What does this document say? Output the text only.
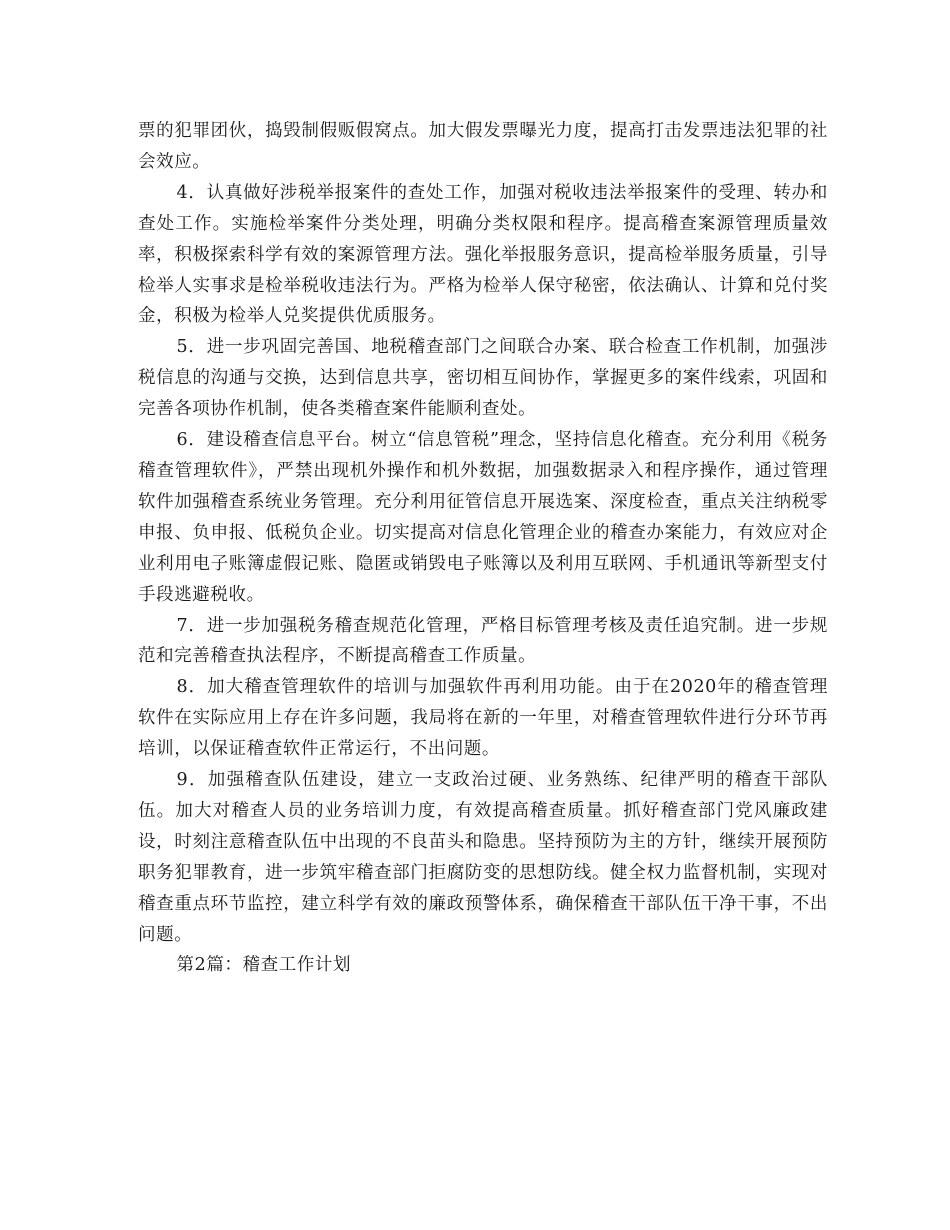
票的犯罪团伙，捣毁制假贩假窝点。加大假发票曝光力度，提高打击发票违法犯罪的社会效应。

4．认真做好涉税举报案件的查处工作，加强对税收违法举报案件的受理、转办和查处工作。实施检举案件分类处理，明确分类权限和程序。提高稽查案源管理质量效率，积极探索科学有效的案源管理方法。强化举报服务意识，提高检举服务质量，引导检举人实事求是检举税收违法行为。严格为检举人保守秘密，依法确认、计算和兑付奖金，积极为检举人兑奖提供优质服务。

5．进一步巩固完善国、地税稽查部门之间联合办案、联合检查工作机制，加强涉税信息的沟通与交换，达到信息共享，密切相互间协作，掌握更多的案件线索，巩固和完善各项协作机制，使各类稽查案件能顺利查处。

6．建设稽查信息平台。树立“信息管税”理念，坚持信息化稽查。充分利用《税务稽查管理软件》，严禁出现机外操作和机外数据，加强数据录入和程序操作，通过管理软件加强稽查系统业务管理。充分利用征管信息开展选案、深度检查，重点关注纳税零申报、负申报、低税负企业。切实提高对信息化管理企业的稽查办案能力，有效应对企业利用电子账簿虚假记账、隐匿或销毁电子账簿以及利用互联网、手机通讯等新型支付手段逃避税收。

7．进一步加强税务稽查规范化管理，严格目标管理考核及责任追究制。进一步规范和完善稽查执法程序，不断提高稽查工作质量。

8．加大稽查管理软件的培训与加强软件再利用功能。由于在2020年的稽查管理软件在实际应用上存在许多问题，我局将在新的一年里，对稽查管理软件进行分环节再培训，以保证稽查软件正常运行，不出问题。

9．加强稽查队伍建设，建立一支政治过硬、业务熟练、纪律严明的稽查干部队伍。加大对稽查人员的业务培训力度，有效提高稽查质量。抓好稽查部门党风廉政建设，时刻注意稽查队伍中出现的不良苗头和隐患。坚持预防为主的方针，继续开展预防职务犯罪教育，进一步筑牢稽查部门拒腐防变的思想防线。健全权力监督机制，实现对稽查重点环节监控，建立科学有效的廉政预警体系，确保稽查干部队伍干净干事，不出问题。

第2篇：稽查工作计划
